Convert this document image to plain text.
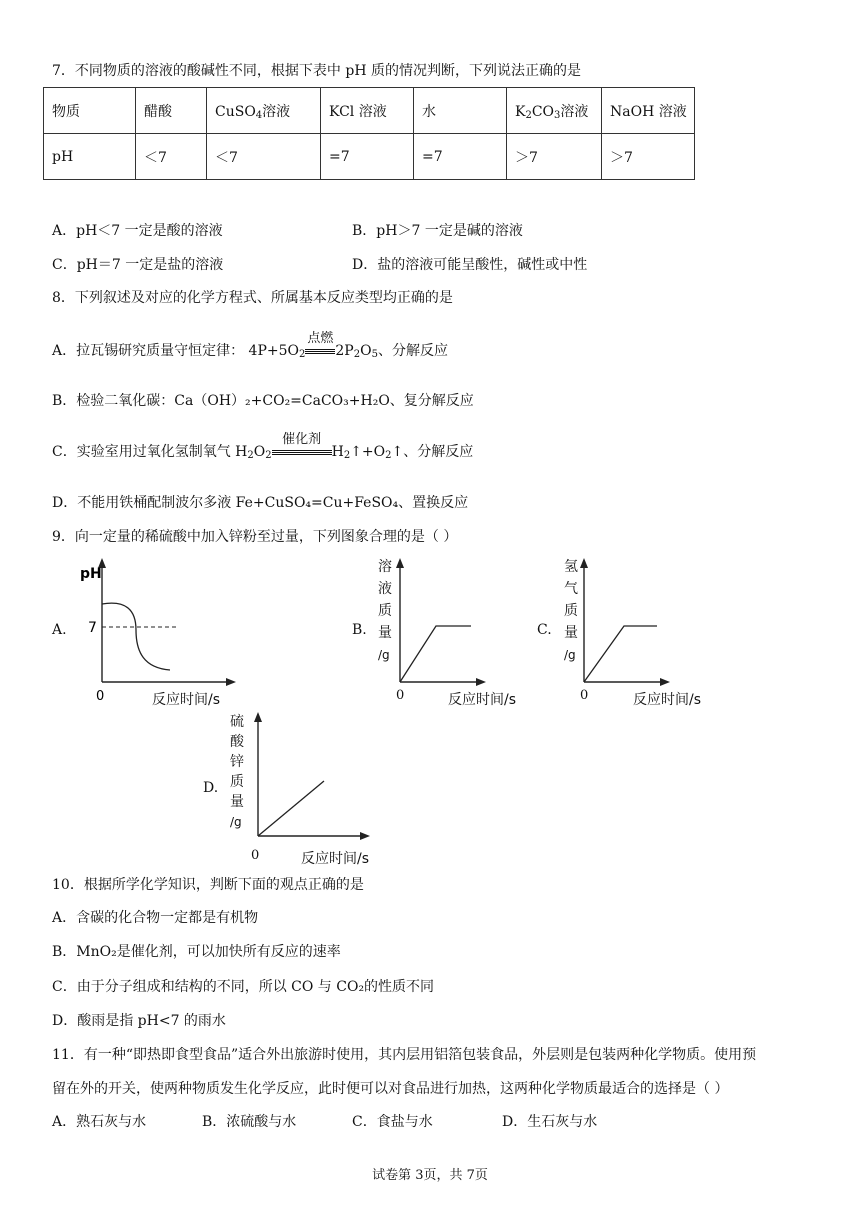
7．不同物质的溶液的酸碱性不同，根据下表中 pH 质的情况判断，下列说法正确的是
物质	醋酸	CuSO$_4$溶液	KCl 溶液	水	$K_2CO_3$溶液	NaOH 溶液
pH	＜7	＜7	=7	=7	＞7	＞7
A．pH＜7 一定是酸的溶液	B．pH＞7 一定是碱的溶液
C．pH＝7 一定是盐的溶液	D．盐的溶液可能呈酸性，碱性或中性
8．下列叙述及对应的化学方程式、所属基本反应类型均正确的是
A．拉瓦锡研究质量守恒定律： $4P+5O_2$
点燃
$2P_2O_5$、分解反应
B．检验二氧化碳：Ca（OH）₂+CO₂=CaCO₃+H₂O、复分解反应
C．实验室用过氧化氢制氧气 $H_2O_2$
催化剂
$H_2↑+O_2↑$、分解反应
D．不能用铁桶配制波尔多液 Fe+CuSO₄=Cu+FeSO₄、置换反应
9．向一定量的稀硫酸中加入锌粉至过量，下列图象合理的是（ ）
A.
pH
7
0	反应时间/s
B.
溶
液
质
量
/g
0	反应时间/s
C.
氢
气
质
量
/g
0	反应时间/s
D.
硫
酸
锌
质
量
/g
0	反应时间/s
10．根据所学化学知识，判断下面的观点正确的是
A．含碳的化合物一定都是有机物
B．MnO₂是催化剂，可以加快所有反应的速率
C．由于分子组成和结构的不同，所以 CO 与 CO₂的性质不同
D．酸雨是指 pH<7 的雨水
11．有一种“即热即食型食品”适合外出旅游时使用，其内层用铝箔包装食品，外层则是包装两种化学物质。使用预
留在外的开关，使两种物质发生化学反应，此时便可以对食品进行加热，这两种化学物质最适合的选择是（ ）
A．熟石灰与水	B．浓硫酸与水	C．食盐与水	D．生石灰与水
试卷第 3页，共 7页
